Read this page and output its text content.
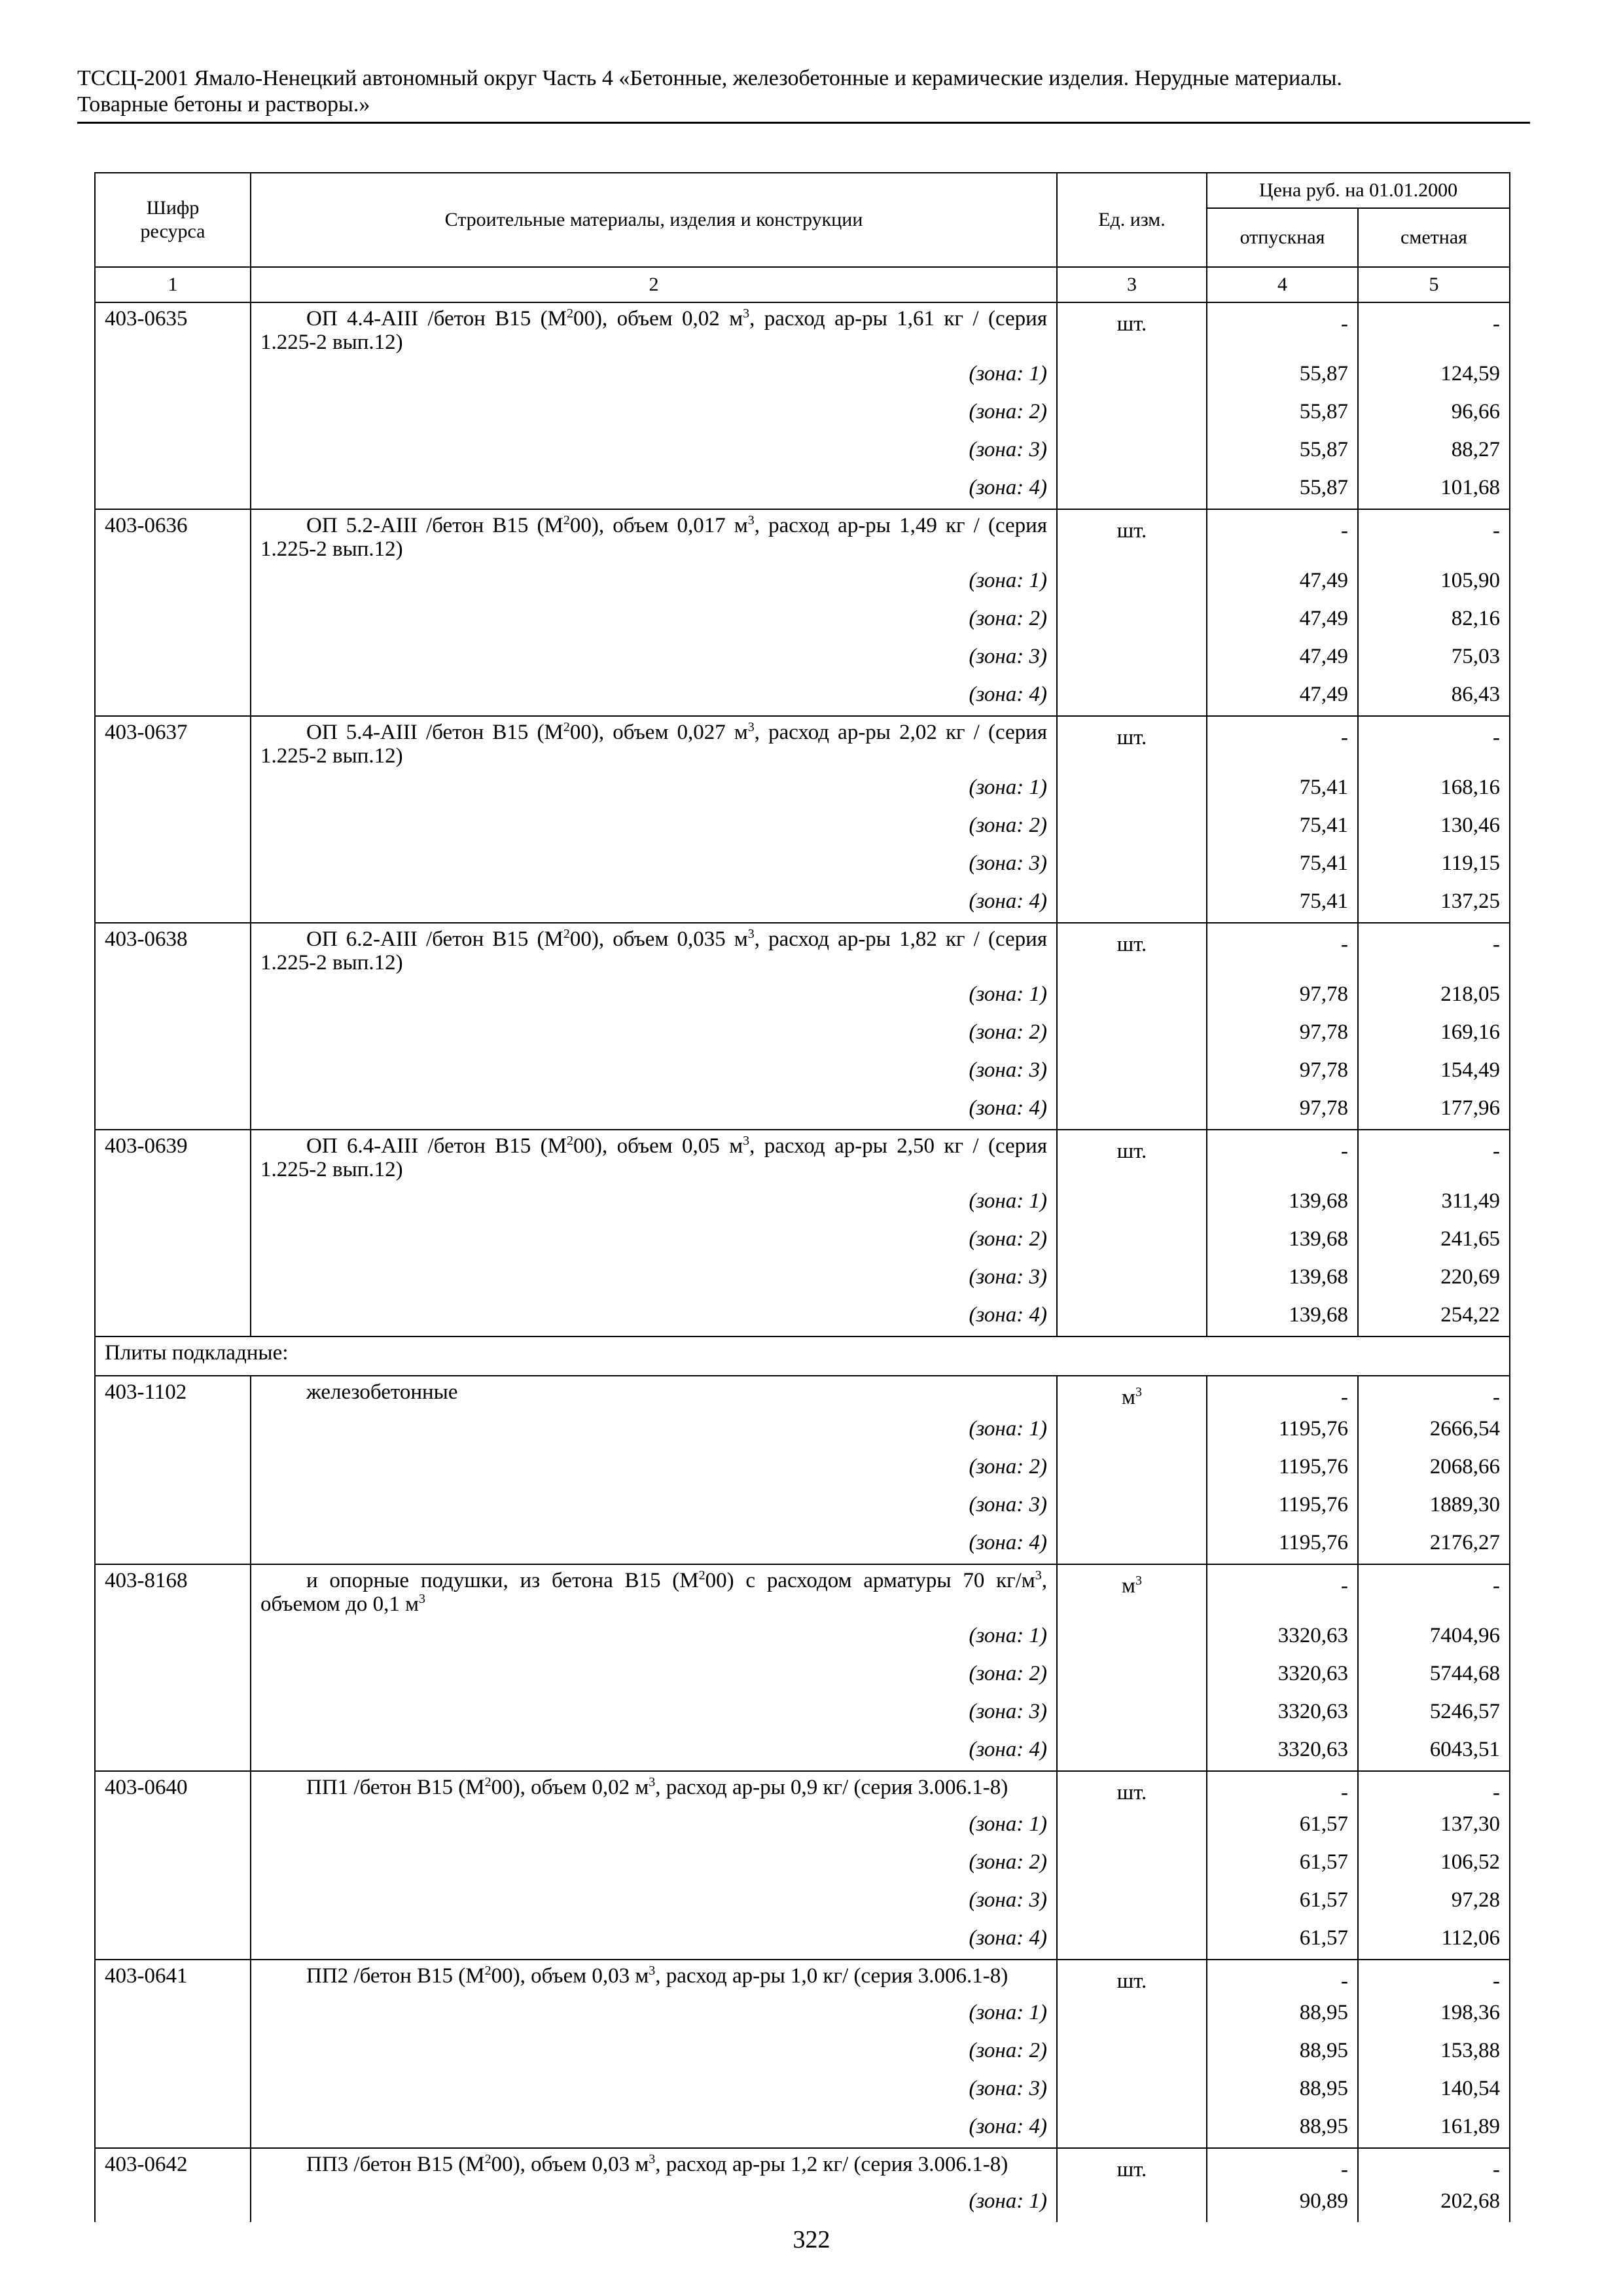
ТССЦ-2001 Ямало-Ненецкий автономный округ Часть 4 «Бетонные, железобетонные и керамические изделия. Нерудные материалы.
Товарные бетоны и растворы.»
Шифр ресурса	Строительные материалы, изделия и конструкции	Ед. изм.	Цена руб. на 01.01.2000	
			отпускная	сметная
1	2	3	4	5
403-0635	ОП 4.4-АIII /бетон В15 $(М^200)$, объем 0,02 $м^3$, расход ар-ры 1,61 кг / (серия 1.225-2 вып.12)	шт.	-	-
	(зона: 1)		55,87	124,59
	(зона: 2)		55,87	96,66
	(зона: 3)		55,87	88,27
	(зона: 4)		55,87	101,68
403-0636	ОП 5.2-АIII /бетон В15 $(М^200)$, объем 0,017 $м^3$, расход ар-ры 1,49 кг / (серия 1.225-2 вып.12)	шт.	-	-
	(зона: 1)		47,49	105,90
	(зона: 2)		47,49	82,16
	(зона: 3)		47,49	75,03
	(зона: 4)		47,49	86,43
403-0637	ОП 5.4-АIII /бетон В15 $(М^200)$, объем 0,027 $м^3$, расход ар-ры 2,02 кг / (серия 1.225-2 вып.12)	шт.	-	-
	(зона: 1)		75,41	168,16
	(зона: 2)		75,41	130,46
	(зона: 3)		75,41	119,15
	(зона: 4)		75,41	137,25
403-0638	ОП 6.2-АIII /бетон В15 $(М^200)$, объем 0,035 $м^3$, расход ар-ры 1,82 кг / (серия 1.225-2 вып.12)	шт.	-	-
	(зона: 1)		97,78	218,05
	(зона: 2)		97,78	169,16
	(зона: 3)		97,78	154,49
	(зона: 4)		97,78	177,96
403-0639	ОП 6.4-АIII /бетон В15 $(М^200)$, объем 0,05 $м^3$, расход ар-ры 2,50 кг / (серия 1.225-2 вып.12)	шт.	-	-
	(зона: 1)		139,68	311,49
	(зона: 2)		139,68	241,65
	(зона: 3)		139,68	220,69
	(зона: 4)		139,68	254,22
Плиты подкладные:				
403-1102	железобетонные	$м^3$	-	-
	(зона: 1)		1195,76	2666,54
	(зона: 2)		1195,76	2068,66
	(зона: 3)		1195,76	1889,30
	(зона: 4)		1195,76	2176,27
403-8168	и опорные подушки, из бетона В15 $(М^200)$ с расходом арматуры 70 $кг/м^3$, объемом до 0,1 $м^3$	$м^3$	-	-
	(зона: 1)		3320,63	7404,96
	(зона: 2)		3320,63	5744,68
	(зона: 3)		3320,63	5246,57
	(зона: 4)		3320,63	6043,51
403-0640	ПП1 /бетон В15 $(М^200)$, объем 0,02 $м^3$, расход ар-ры 0,9 кг/ (серия 3.006.1-8)	шт.	-	-
	(зона: 1)		61,57	137,30
	(зона: 2)		61,57	106,52
	(зона: 3)		61,57	97,28
	(зона: 4)		61,57	112,06
403-0641	ПП2 /бетон В15 $(М^200)$, объем 0,03 $м^3$, расход ар-ры 1,0 кг/ (серия 3.006.1-8)	шт.	-	-
	(зона: 1)		88,95	198,36
	(зона: 2)		88,95	153,88
	(зона: 3)		88,95	140,54
	(зона: 4)		88,95	161,89
403-0642	ПП3 /бетон В15 $(М^200)$, объем 0,03 $м^3$, расход ар-ры 1,2 кг/ (серия 3.006.1-8)	шт.	-	-
	(зона: 1)		90,89	202,68
322
